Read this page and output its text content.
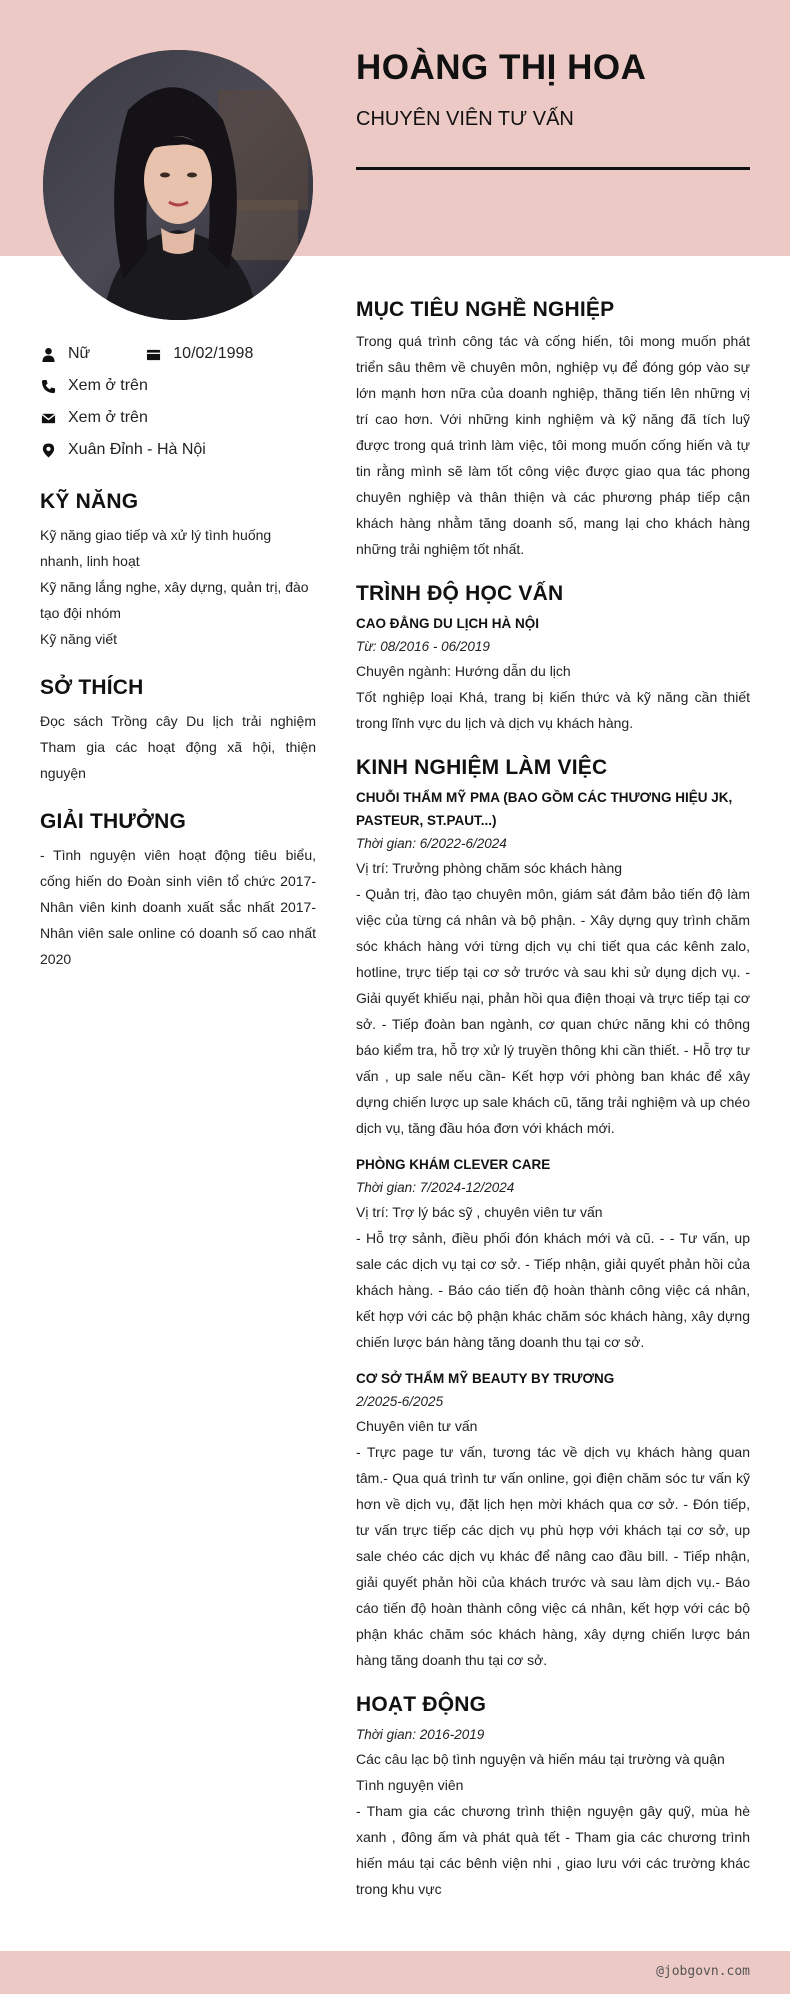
HOÀNG THỊ HOA
CHUYÊN VIÊN TƯ VẤN
Nữ	10/02/1998
Xem ở trên
Xem ở trên
Xuân Đỉnh - Hà Nội
KỸ NĂNG
Kỹ năng giao tiếp và xử lý tình huống nhanh, linh hoạt
Kỹ năng lắng nghe, xây dựng, quản trị, đào tạo đội nhóm
Kỹ năng viết
SỞ THÍCH
Đọc sách Trồng cây Du lịch trải nghiệm Tham gia các hoạt động xã hội, thiện nguyện
GIẢI THƯỞNG
- Tình nguyện viên hoạt động tiêu biểu, cống hiến do Đoàn sinh viên tổ chức 2017- Nhân viên kinh doanh xuất sắc nhất 2017- Nhân viên sale online có doanh số cao nhất 2020
MỤC TIÊU NGHỀ NGHIỆP
Trong quá trình công tác và cống hiến, tôi mong muốn phát triển sâu thêm về chuyên môn, nghiệp vụ để đóng góp vào sự lớn mạnh hơn nữa của doanh nghiệp, thăng tiến lên những vị trí cao hơn. Với những kinh nghiệm và kỹ năng đã tích luỹ được trong quá trình làm việc, tôi mong muốn cống hiến và tự tin rằng mình sẽ làm tốt công việc được giao qua tác phong chuyên nghiệp và thân thiện và các phương pháp tiếp cận khách hàng nhằm tăng doanh số, mang lại cho khách hàng những trải nghiệm tốt nhất.
TRÌNH ĐỘ HỌC VẤN
CAO ĐẲNG DU LỊCH HÀ NỘI
Từ: 08/2016 - 06/2019
Chuyên ngành: Hướng dẫn du lịch
Tốt nghiệp loại Khá, trang bị kiến thức và kỹ năng cần thiết trong lĩnh vực du lịch và dịch vụ khách hàng.
KINH NGHIỆM LÀM VIỆC
CHUỖI THẨM MỸ PMA (BAO GỒM CÁC THƯƠNG HIỆU JK, PASTEUR, ST.PAUT...)
Thời gian: 6/2022-6/2024
Vị trí: Trưởng phòng chăm sóc khách hàng
- Quản trị, đào tạo chuyên môn, giám sát đảm bảo tiến độ làm việc của từng cá nhân và bộ phận. - Xây dựng quy trình chăm sóc khách hàng với từng dịch vụ chi tiết qua các kênh zalo, hotline, trực tiếp tại cơ sở trước và sau khi sử dụng dịch vụ. - Giải quyết khiếu nại, phản hồi qua điện thoại và trực tiếp tại cơ sở. - Tiếp đoàn ban ngành, cơ quan chức năng khi có thông báo kiểm tra, hỗ trợ xử lý truyền thông khi cần thiết. - Hỗ trợ tư vấn , up sale nếu cần- Kết hợp với phòng ban khác để xây dựng chiến lược up sale khách cũ, tăng trải nghiệm và up chéo dịch vụ, tăng đầu hóa đơn với khách mới.
PHÒNG KHÁM CLEVER CARE
Thời gian: 7/2024-12/2024
Vị trí: Trợ lý bác sỹ , chuyên viên tư vấn
- Hỗ trợ sảnh, điều phối đón khách mới và cũ. - - Tư vấn, up sale các dịch vụ tại cơ sở. - Tiếp nhận, giải quyết phản hồi của khách hàng. - Báo cáo tiến độ hoàn thành công việc cá nhân, kết hợp với các bộ phận khác chăm sóc khách hàng, xây dựng chiến lược bán hàng tăng doanh thu tại cơ sở.
CƠ SỞ THẨM MỸ BEAUTY BY TRƯƠNG
2/2025-6/2025
Chuyên viên tư vấn
- Trực page tư vấn, tương tác về dịch vụ khách hàng quan tâm.- Qua quá trình tư vấn online, gọi điện chăm sóc tư vấn kỹ hơn về dịch vụ, đặt lịch hẹn mời khách qua cơ sở. - Đón tiếp, tư vấn trực tiếp các dịch vụ phù hợp với khách tại cơ sở, up sale chéo các dịch vụ khác để nâng cao đầu bill. - Tiếp nhận, giải quyết phản hồi của khách trước và sau làm dịch vụ.- Báo cáo tiến độ hoàn thành công việc cá nhân, kết hợp với các bộ phận khác chăm sóc khách hàng, xây dựng chiến lược bán hàng tăng doanh thu tại cơ sở.
HOẠT ĐỘNG
Thời gian: 2016-2019
Các câu lạc bộ tình nguyện và hiến máu tại trường và quận
Tình nguyện viên
- Tham gia các chương trình thiện nguyện gây quỹ, mùa hè xanh , đông ấm và phát quà tết - Tham gia các chương trình hiến máu tại các bênh viện nhi , giao lưu với các trường khác trong khu vực
@jobgovn.com
